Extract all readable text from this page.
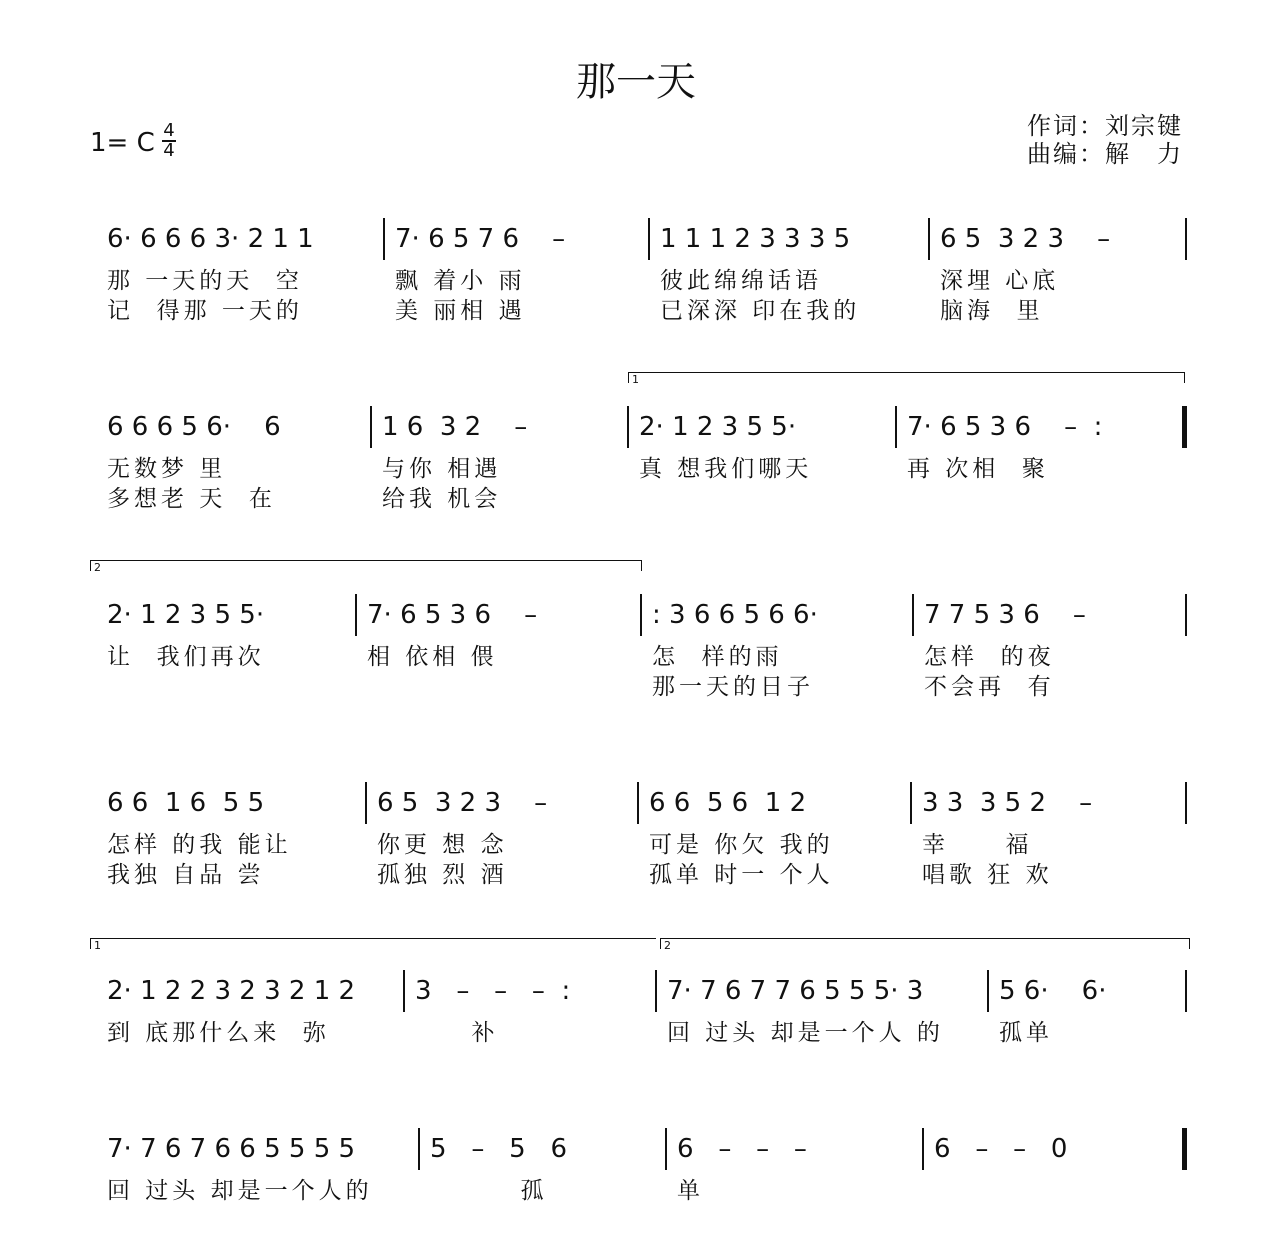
那一天
1= C 4
4
作词：刘宗键
曲编：解　力
6· 6 6 6 3· 2 1 1
那 一天的天  空
记  得那 一天的
7· 6 5 7 6    –
飘 着小 雨
美 丽相 遇
1 1 1 2 3 3 3 5
彼此绵绵话语
已深深 印在我的
6 5  3 2 3    –
深埋 心底
脑海  里
6 6 6 5 6·    6
无数梦 里
多想老 天  在
1 6  3 2    –
与你 相遇
给我 机会
2· 1 2 3 5 5·
真 想我们哪天
7· 6 5 3 6    –  :
再 次相  聚
2· 1 2 3 5 5·
让  我们再次
7· 6 5 3 6    –
相 依相 偎
: 3 6 6 5 6 6·
怎  样的雨
那一天的日子
7 7 5 3 6    –
怎样  的夜
不会再  有
6 6  1 6  5 5
怎样 的我 能让
我独 自品 尝
6 5  3 2 3    –
你更 想 念
孤独 烈 酒
6 6  5 6  1 2
可是 你欠 我的
孤单 时一 个人
3 3  3 5 2    –
幸     福
唱歌 狂 欢
2· 1 2 2 3 2 3 2 1 2
到 底那什么来  弥
3   –   –   –  :
补
7· 7 6 7 7 6 5 5 5· 3
回 过头 却是一个人 的
5 6·    6·
孤单
7· 7 6 7 6 6 5 5 5 5
回 过头 却是一个人的
5   –   5   6
孤
6   –   –   –
单
6   –   –   0
1
2
1	2
